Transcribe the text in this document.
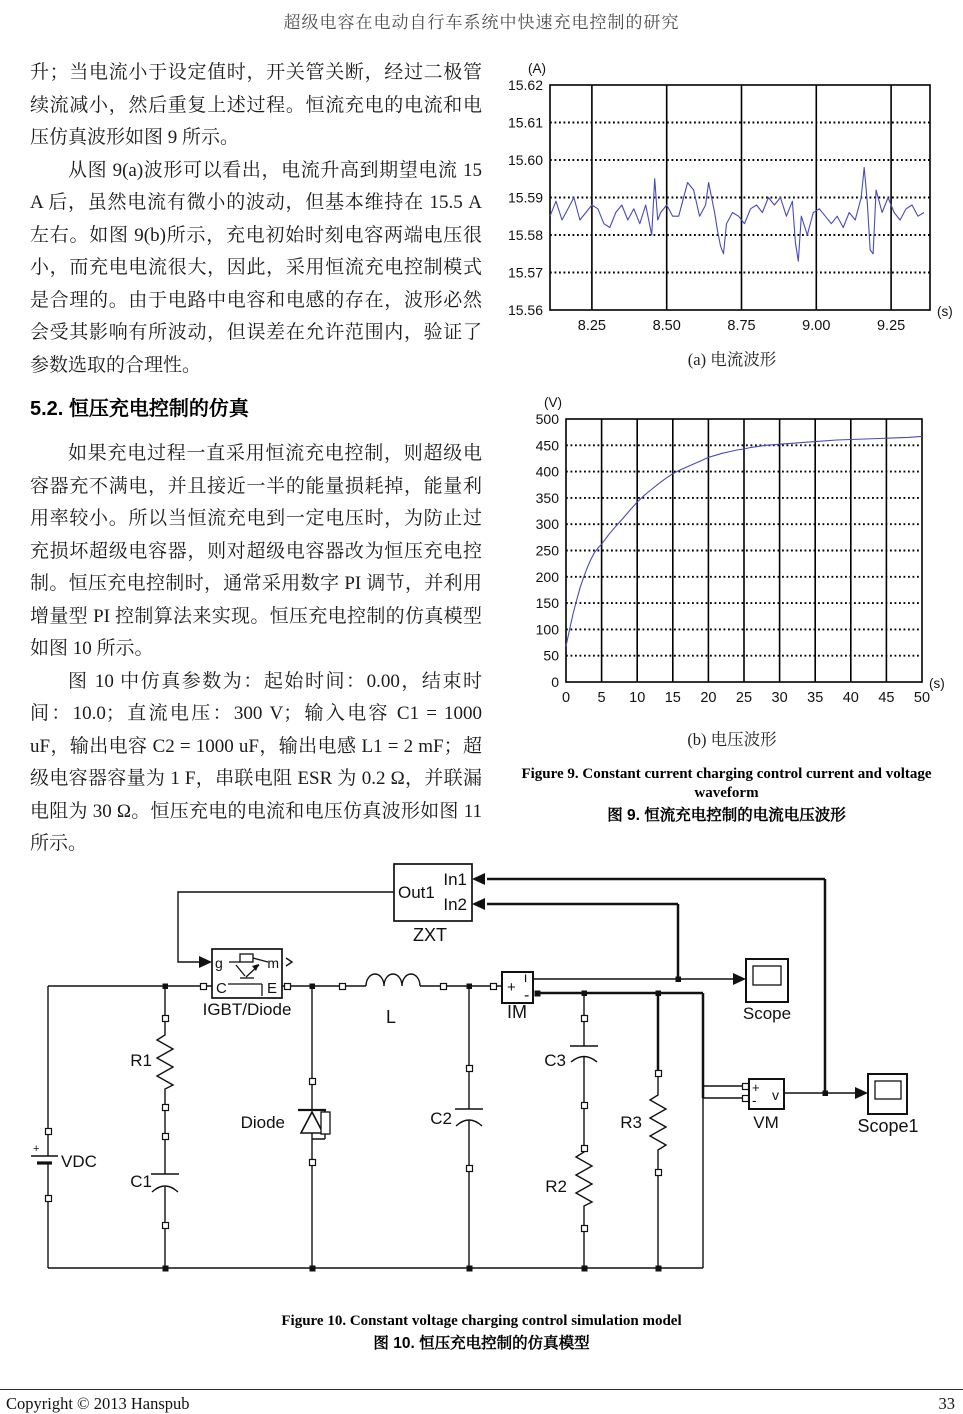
超级电容在电动自行车系统中快速充电控制的研究

升；当电流小于设定值时，开关管关断，经过二极管续流减小，然后重复上述过程。恒流充电的电流和电压仿真波形如图 9 所示。

从图 9(a)波形可以看出，电流升高到期望电流 15 A 后，虽然电流有微小的波动，但基本维持在 15.5 A 左右。如图 9(b)所示，充电初始时刻电容两端电压很小，而充电电流很大，因此，采用恒流充电控制模式是合理的。由于电路中电容和电感的存在，波形必然会受其影响有所波动，但误差在允许范围内，验证了参数选取的合理性。

5.2. 恒压充电控制的仿真

如果充电过程一直采用恒流充电控制，则超级电容器充不满电，并且接近一半的能量损耗掉，能量利用率较小。所以当恒流充电到一定电压时，为防止过充损坏超级电容器，则对超级电容器改为恒压充电控制。恒压充电控制时，通常采用数字 PI 调节，并利用增量型 PI 控制算法来实现。恒压充电控制的仿真模型如图 10 所示。

图 10 中仿真参数为：起始时间：0.00，结束时间：10.0；直流电压：300 V；输入电容 C1 = 1000 uF，输出电容 C2 = 1000 uF，输出电感 L1 = 2 mF；超级电容器容量为 1 F，串联电阻 ESR 为 0.2 Ω，并联漏电阻为 30 Ω。恒压充电的电流和电压仿真波形如图 11 所示。

15.62
15.61
15.60
15.59
15.58
15.57
15.56
8.25	8.50	8.75	9.00	9.25
(A)
(s)
(a) 电流波形
500
450
400
350
300
250
200
150
100
50
0
0 5 10 15 20 25 30 35 40 45 50
(V)
(s)
(b) 电压波形
Figure 9. Constant current charging control current and voltage waveform
图 9. 恒流充电控制的电流电压波形
Out1
In1
In2
ZXT
g	m
C	E
IGBT/Diode	L
+
i
-
IM	Scope
+
VDC
R1
C1
Diode	C2
C3
R2
R3
+
- v
VM	Scope1
Figure 10. Constant voltage charging control simulation model
图 10. 恒压充电控制的仿真模型
Copyright © 2013 Hanspub	33
